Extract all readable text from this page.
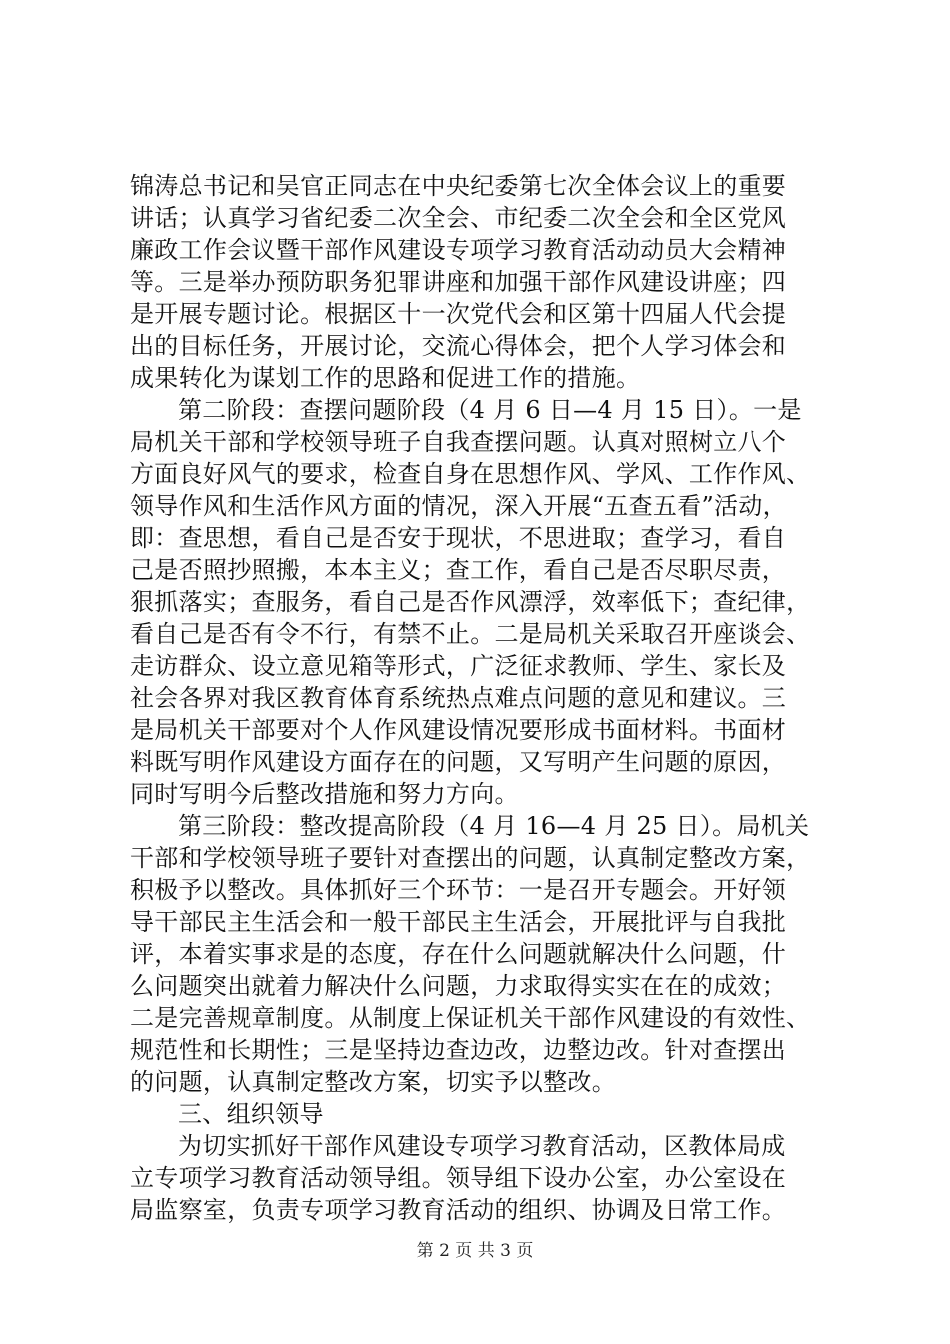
锦涛总书记和吴官正同志在中央纪委第七次全体会议上的重要
讲话；认真学习省纪委二次全会、市纪委二次全会和全区党风
廉政工作会议暨干部作风建设专项学习教育活动动员大会精神
等。三是举办预防职务犯罪讲座和加强干部作风建设讲座；四
是开展专题讨论。根据区十一次党代会和区第十四届人代会提
出的目标任务，开展讨论，交流心得体会，把个人学习体会和
成果转化为谋划工作的思路和促进工作的措施。
第二阶段：查摆问题阶段（4 月 6 日—4 月 15 日）。一是
局机关干部和学校领导班子自我查摆问题。认真对照树立八个
方面良好风气的要求，检查自身在思想作风、学风、工作作风、
领导作风和生活作风方面的情况，深入开展“五查五看”活动，
即：查思想，看自己是否安于现状，不思进取；查学习，看自
己是否照抄照搬，本本主义；查工作，看自己是否尽职尽责，
狠抓落实；查服务，看自己是否作风漂浮，效率低下；查纪律，
看自己是否有令不行，有禁不止。二是局机关采取召开座谈会、
走访群众、设立意见箱等形式，广泛征求教师、学生、家长及
社会各界对我区教育体育系统热点难点问题的意见和建议。三
是局机关干部要对个人作风建设情况要形成书面材料。书面材
料既写明作风建设方面存在的问题，又写明产生问题的原因，
同时写明今后整改措施和努力方向。
第三阶段：整改提高阶段（4 月 16—4 月 25 日）。局机关
干部和学校领导班子要针对查摆出的问题，认真制定整改方案，
积极予以整改。具体抓好三个环节：一是召开专题会。开好领
导干部民主生活会和一般干部民主生活会，开展批评与自我批
评，本着实事求是的态度，存在什么问题就解决什么问题，什
么问题突出就着力解决什么问题，力求取得实实在在的成效；
二是完善规章制度。从制度上保证机关干部作风建设的有效性、
规范性和长期性；三是坚持边查边改，边整边改。针对查摆出
的问题，认真制定整改方案，切实予以整改。
三、组织领导
为切实抓好干部作风建设专项学习教育活动，区教体局成
立专项学习教育活动领导组。领导组下设办公室，办公室设在
局监察室，负责专项学习教育活动的组织、协调及日常工作。
第 2 页 共 3 页
